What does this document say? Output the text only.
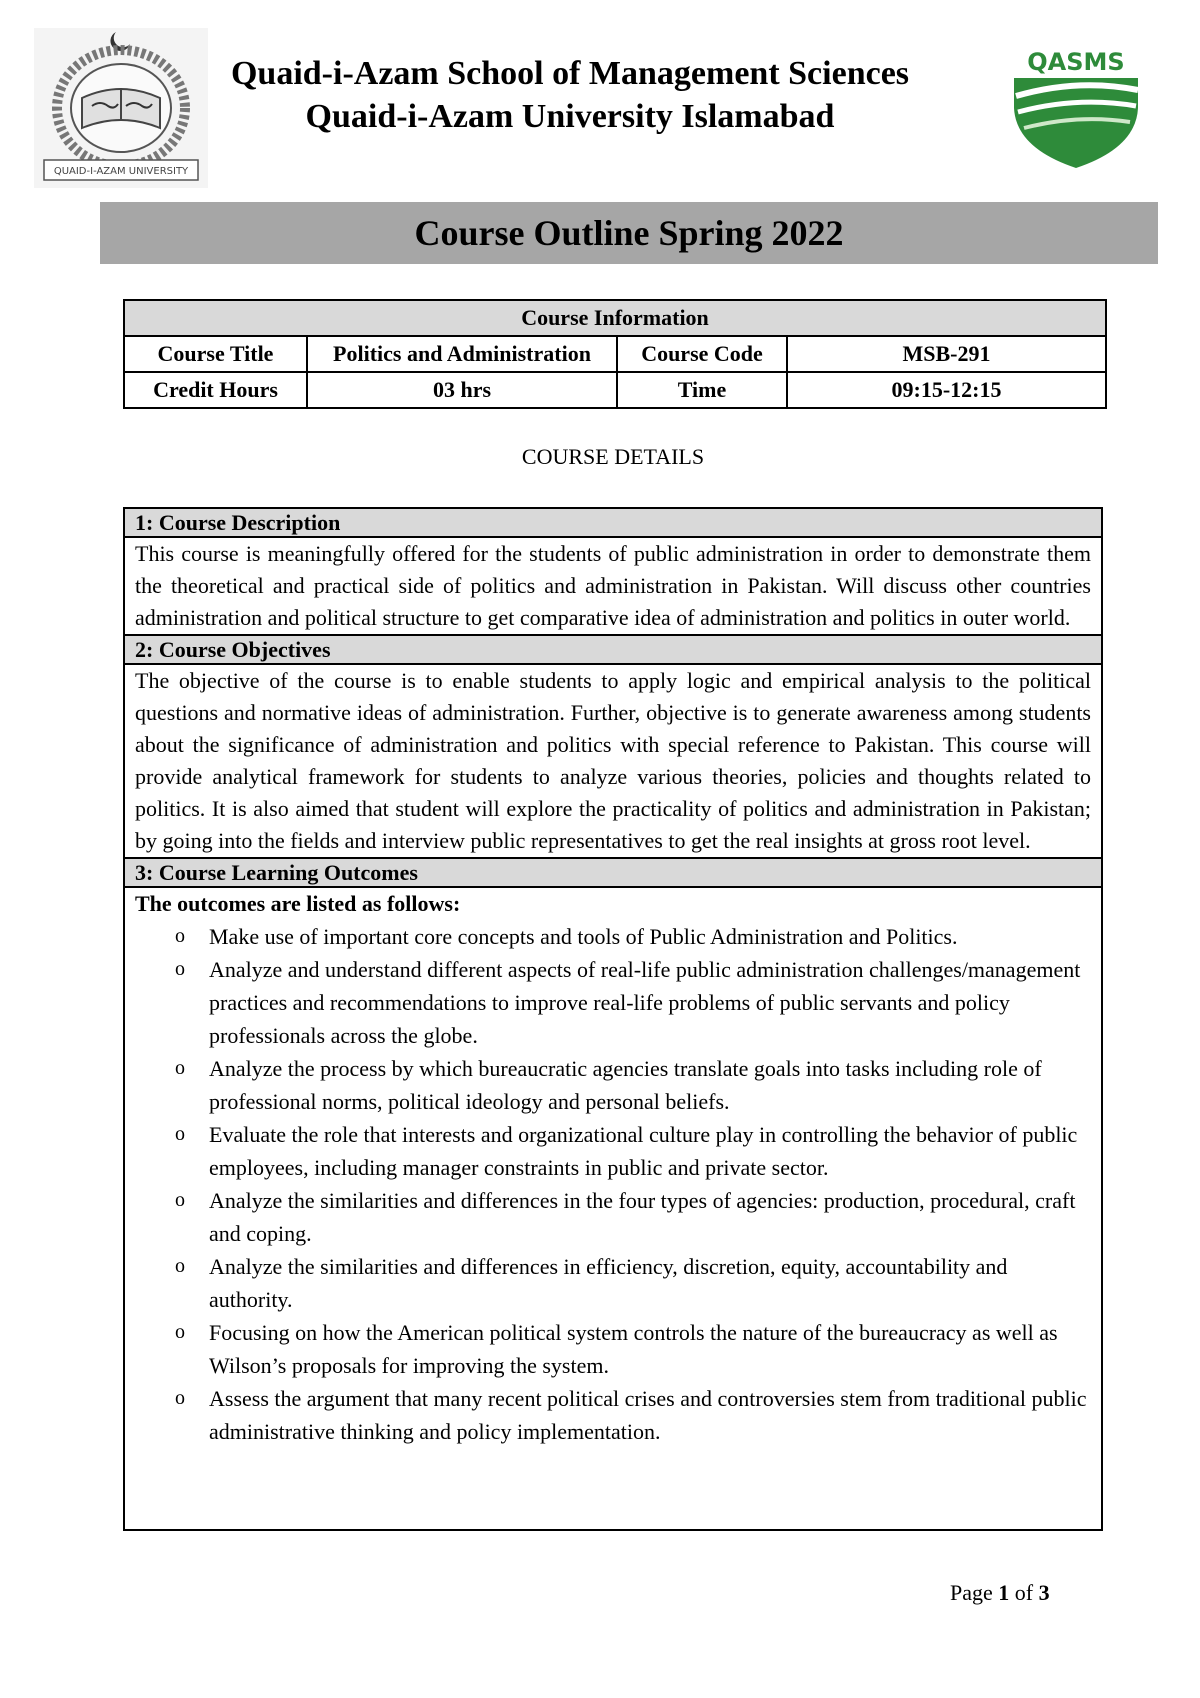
QUAID-I-AZAM UNIVERSITY
Quaid-i-Azam School of Management Sciences
Quaid-i-Azam University Islamabad
QASMS
Course Outline Spring 2022
Course Information			
Course Title	Politics and Administration	Course Code	MSB-291
Credit Hours	03 hrs	Time	09:15-12:15
COURSE DETAILS
1: Course Description
This course is meaningfully offered for the students of public administration in order to demonstrate them the theoretical and practical side of politics and administration in Pakistan. Will discuss other countries administration and political structure to get comparative idea of administration and politics in outer world.
2: Course Objectives
The objective of the course is to enable students to apply logic and empirical analysis to the political questions and normative ideas of administration. Further, objective is to generate awareness among students about the significance of administration and politics with special reference to Pakistan. This course will provide analytical framework for students to analyze various theories, policies and thoughts related to politics. It is also aimed that student will explore the practicality of politics and administration in Pakistan; by going into the fields and interview public representatives to get the real insights at gross root level.
3: Course Learning Outcomes
The outcomes are listed as follows:
o Make use of important core concepts and tools of Public Administration and Politics.
o Analyze and understand different aspects of real-life public administration challenges/management practices and recommendations to improve real-life problems of public servants and policy professionals across the globe.
o Analyze the process by which bureaucratic agencies translate goals into tasks including role of professional norms, political ideology and personal beliefs.
o Evaluate the role that interests and organizational culture play in controlling the behavior of public employees, including manager constraints in public and private sector.
o Analyze the similarities and differences in the four types of agencies: production, procedural, craft and coping.
o Analyze the similarities and differences in efficiency, discretion, equity, accountability and authority.
o Focusing on how the American political system controls the nature of the bureaucracy as well as Wilson’s proposals for improving the system.
o Assess the argument that many recent political crises and controversies stem from traditional public administrative thinking and policy implementation.
Page 1 of 3
